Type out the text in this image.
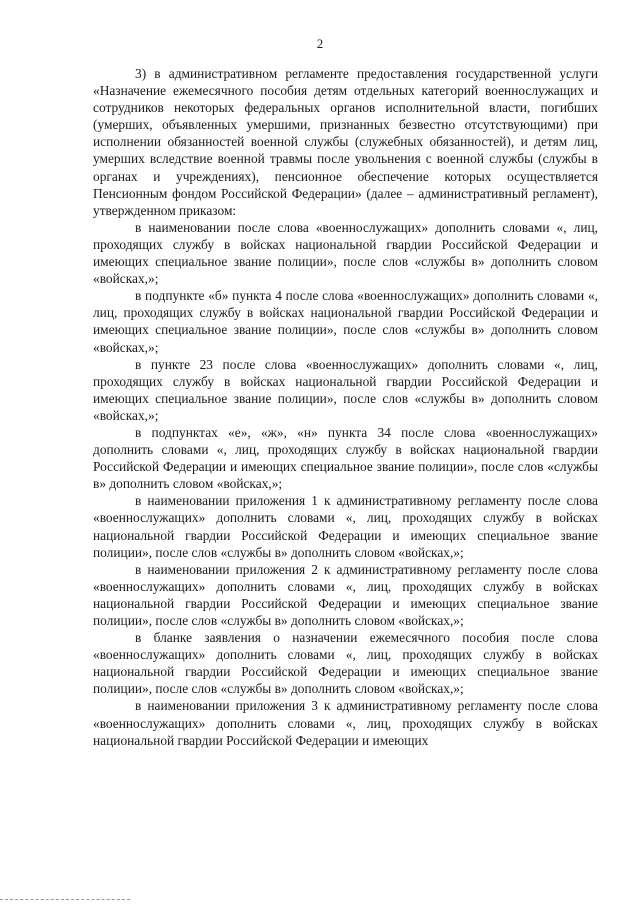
2

3) в административном регламенте предоставления государственной услуги «Назначение ежемесячного пособия детям отдельных категорий военнослужащих и сотрудников некоторых федеральных органов исполнительной власти, погибших (умерших, объявленных умершими, признанных безвестно отсутствующими) при исполнении обязанностей военной службы (служебных обязанностей), и детям лиц, умерших вследствие военной травмы после увольнения с военной службы (службы в органах и учреждениях), пенсионное обеспечение которых осуществляется Пенсионным фондом Российской Федерации» (далее – административный регламент), утвержденном приказом:

в наименовании после слова «военнослужащих» дополнить словами «, лиц, проходящих службу в войсках национальной гвардии Российской Федерации и имеющих специальное звание полиции», после слов «службы в» дополнить словом «войсках,»;

в подпункте «б» пункта 4 после слова «военнослужащих» дополнить словами «, лиц, проходящих службу в войсках национальной гвардии Российской Федерации и имеющих специальное звание полиции», после слов «службы в» дополнить словом «войсках,»;

в пункте 23 после слова «военнослужащих» дополнить словами «, лиц, проходящих службу в войсках национальной гвардии Российской Федерации и имеющих специальное звание полиции», после слов «службы в» дополнить словом «войсках,»;

в подпунктах «е», «ж», «н» пункта 34 после слова «военнослужащих» дополнить словами «, лиц, проходящих службу в войсках национальной гвардии Российской Федерации и имеющих специальное звание полиции», после слов «службы в» дополнить словом «войсках,»;

в наименовании приложения 1 к административному регламенту после слова «военнослужащих» дополнить словами «, лиц, проходящих службу в войсках национальной гвардии Российской Федерации и имеющих специальное звание полиции», после слов «службы в» дополнить словом «войсках,»;

в наименовании приложения 2 к административному регламенту после слова «военнослужащих» дополнить словами «, лиц, проходящих службу в войсках национальной гвардии Российской Федерации и имеющих специальное звание полиции», после слов «службы в» дополнить словом «войсках,»;

в бланке заявления о назначении ежемесячного пособия после слова «военнослужащих» дополнить словами «, лиц, проходящих службу в войсках национальной гвардии Российской Федерации и имеющих специальное звание полиции», после слов «службы в» дополнить словом «войсках,»;

в наименовании приложения 3 к административному регламенту после слова «военнослужащих» дополнить словами «, лиц, проходящих службу в войсках национальной гвардии Российской Федерации и имеющих
